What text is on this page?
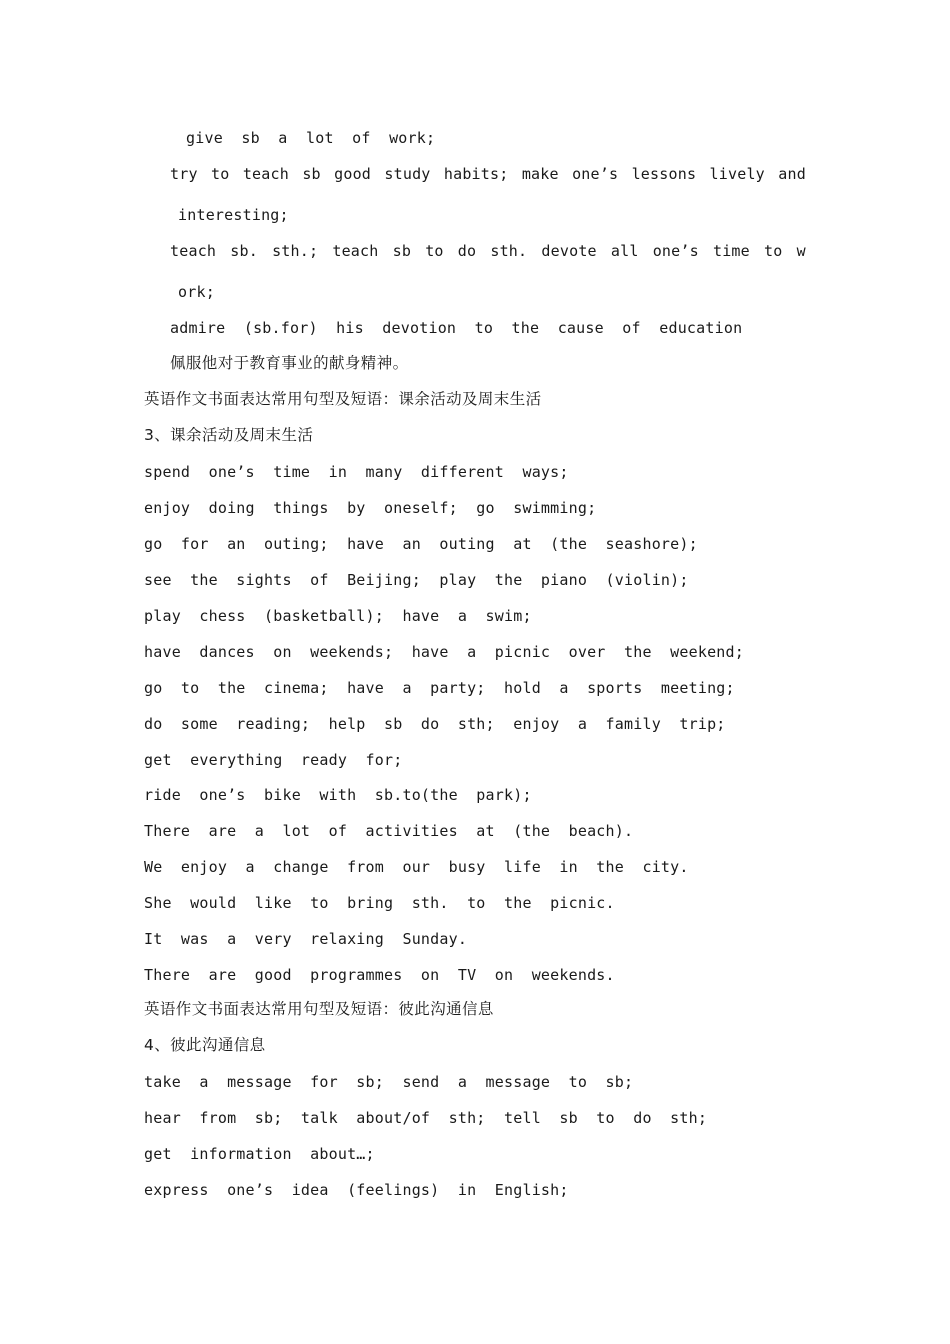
give  sb  a  lot  of  work;
try to teach sb good study habits; make one’s lessons lively and
interesting;
teach sb. sth.; teach sb to do sth. devote all one’s time to w
ork;
admire  (sb.for)  his  devotion  to  the  cause  of  education
佩服他对于教育事业的献身精神。
英语作文书面表达常用句型及短语：课余活动及周末生活
3、课余活动及周末生活
spend  one’s  time  in  many  different  ways;
enjoy  doing  things  by  oneself;  go  swimming;
go  for  an  outing;  have  an  outing  at  (the  seashore);
see  the  sights  of  Beijing;  play  the  piano  (violin);
play  chess  (basketball);  have  a  swim;
have  dances  on  weekends;  have  a  picnic  over  the  weekend;
go  to  the  cinema;  have  a  party;  hold  a  sports  meeting;
do  some  reading;  help  sb  do  sth;  enjoy  a  family  trip;
get  everything  ready  for;
ride  one’s  bike  with  sb.to(the  park);
There  are  a  lot  of  activities  at  (the  beach).
We  enjoy  a  change  from  our  busy  life  in  the  city.
She  would  like  to  bring  sth.  to  the  picnic.
It  was  a  very  relaxing  Sunday.
There  are  good  programmes  on  TV  on  weekends.
英语作文书面表达常用句型及短语：彼此沟通信息
4、彼此沟通信息
take  a  message  for  sb;  send  a  message  to  sb;
hear  from  sb;  talk  about/of  sth;  tell  sb  to  do  sth;
get  information  about…;
express  one’s  idea  (feelings)  in  English;
